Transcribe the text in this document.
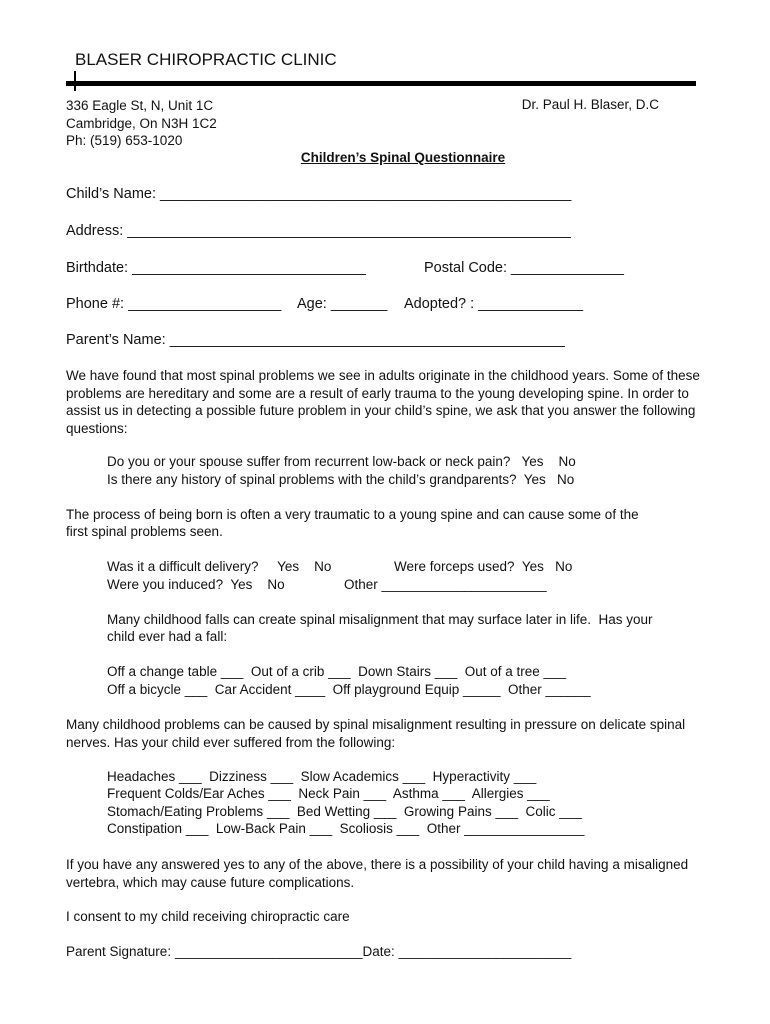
BLASER CHIROPRACTIC CLINIC
336 Eagle St, N, Unit 1C
Cambridge, On N3H 1C2
Ph: (519) 653-1020
Dr. Paul H. Blaser, D.C
Children’s Spinal Questionnaire
Child’s Name: ___________________________________________________
Address: _______________________________________________________
Birthdate: _____________________________	Postal Code: ______________
Phone #: ___________________ Age: _______ Adopted? : _____________
Parent’s Name: _________________________________________________
We have found that most spinal problems we see in adults originate in the childhood years. Some of these problems are hereditary and some are a result of early trauma to the young developing spine. In order to assist us in detecting a possible future problem in your child’s spine, we ask that you answer the following questions:
Do you or your spouse suffer from recurrent low-back or neck pain?   Yes    No
Is there any history of spinal problems with the child’s grandparents?  Yes   No
The process of being born is often a very traumatic to a young spine and can cause some of the
first spinal problems seen.
Was it a difficult delivery?     Yes    No	Were forceps used?  Yes   No
Were you induced?  Yes    No	Other ______________________
Many childhood falls can create spinal misalignment that may surface later in life.  Has your
child ever had a fall:
Off a change table ___  Out of a crib ___  Down Stairs ___  Out of a tree ___
Off a bicycle ___  Car Accident ____  Off playground Equip _____  Other ______
Many childhood problems can be caused by spinal misalignment resulting in pressure on delicate spinal nerves. Has your child ever suffered from the following:
Headaches ___  Dizziness ___  Slow Academics ___  Hyperactivity ___
Frequent Colds/Ear Aches ___  Neck Pain ___  Asthma ___  Allergies ___
Stomach/Eating Problems ___  Bed Wetting ___  Growing Pains ___  Colic ___
Constipation ___  Low-Back Pain ___  Scoliosis ___  Other ________________
If you have any answered yes to any of the above, there is a possibility of your child having a misaligned vertebra, which may cause future complications.
I consent to my child receiving chiropractic care
Parent Signature: _________________________Date: _______________________
